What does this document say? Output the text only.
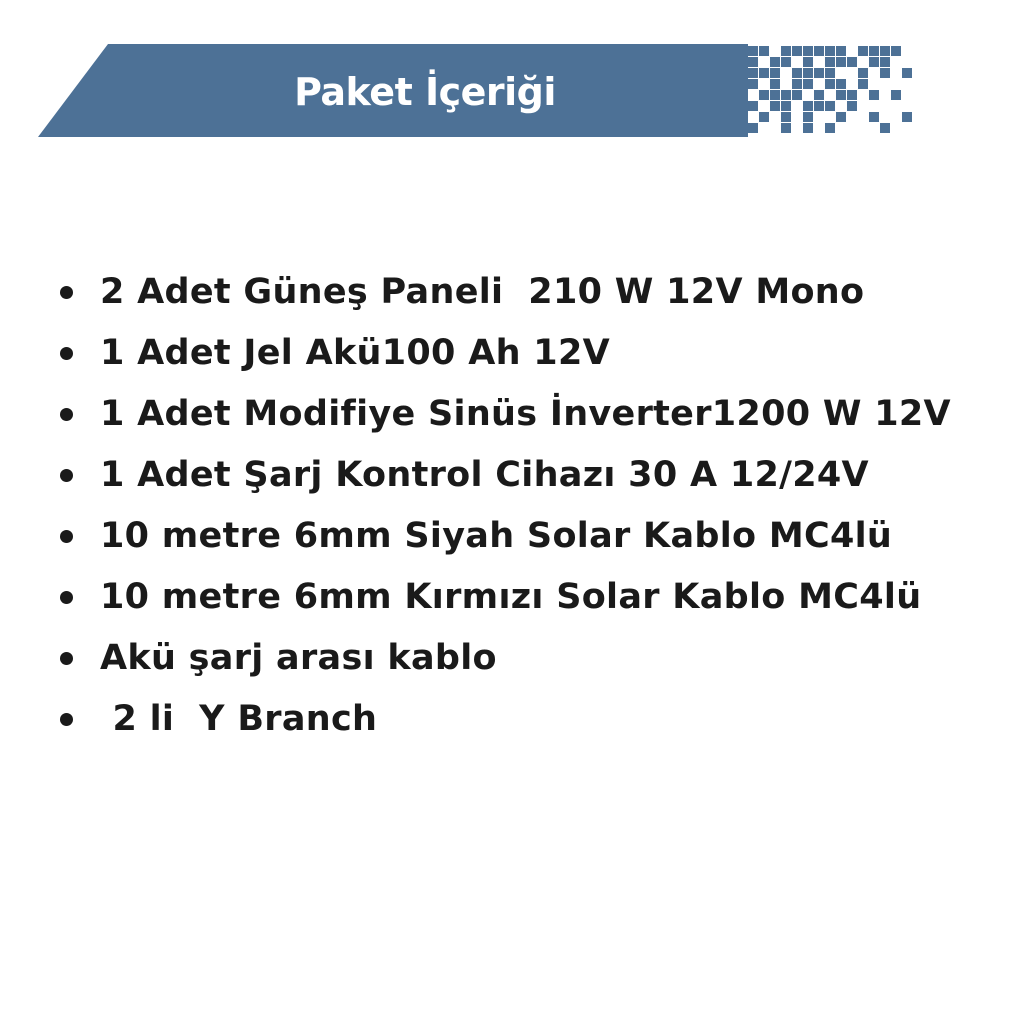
Paket İçeriği
2 Adet Güneş Paneli  210 W 12V Mono
1 Adet Jel Akü100 Ah 12V
1 Adet Modifiye Sinüs İnverter1200 W 12V
1 Adet Şarj Kontrol Cihazı 30 A 12/24V
10 metre 6mm Siyah Solar Kablo MC4lü
10 metre 6mm Kırmızı Solar Kablo MC4lü
Akü şarj arası kablo
2 li  Y Branch
